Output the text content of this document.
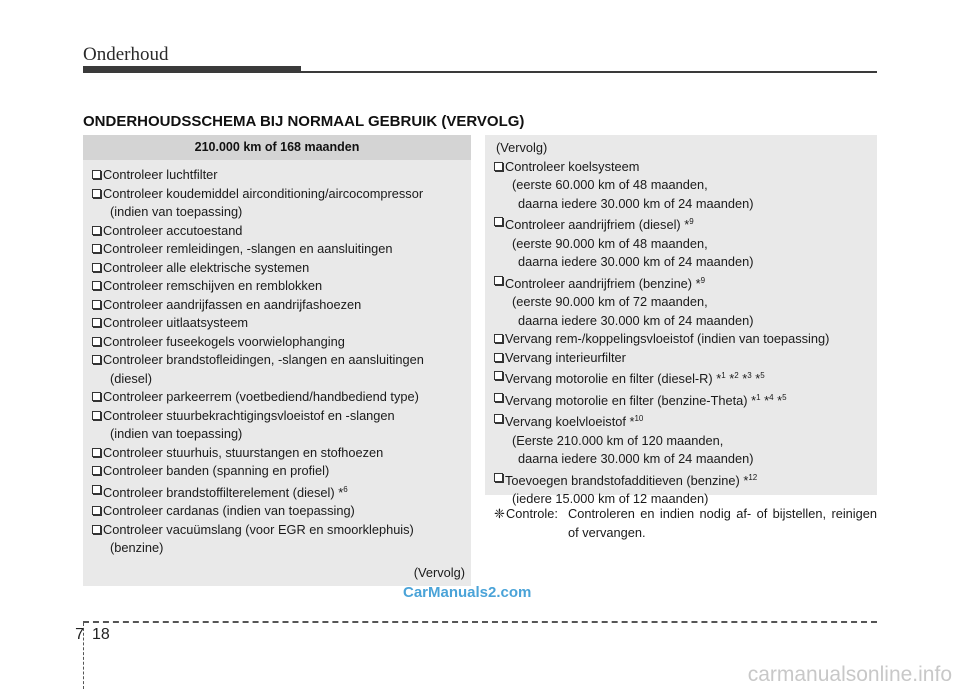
Onderhoud
ONDERHOUDSSCHEMA BIJ NORMAAL GEBRUIK (VERVOLG)
210.000 km of 168 maanden
Controleer luchtfilter
Controleer koudemiddel airconditioning/aircocompressor
(indien van toepassing)
Controleer accutoestand
Controleer remleidingen, -slangen en aansluitingen
Controleer alle elektrische systemen
Controleer remschijven en remblokken
Controleer aandrijfassen en aandrijfashoezen
Controleer uitlaatsysteem
Controleer fuseekogels voorwielophanging
Controleer brandstofleidingen, -slangen en aansluitingen
(diesel)
Controleer parkeerrem (voetbediend/handbediend type)
Controleer stuurbekrachtigingsvloeistof en -slangen
(indien van toepassing)
Controleer stuurhuis, stuurstangen en stofhoezen
Controleer banden (spanning en profiel)
Controleer brandstoffilterelement (diesel) *$^6$
Controleer cardanas (indien van toepassing)
Controleer vacuümslang (voor EGR en smoorklephuis)
(benzine)
(Vervolg)
(Vervolg)
Controleer koelsysteem
(eerste 60.000 km of 48 maanden,
daarna iedere 30.000 km of 24 maanden)
Controleer aandrijfriem (diesel) *$^9$
(eerste 90.000 km of 48 maanden,
daarna iedere 30.000 km of 24 maanden)
Controleer aandrijfriem (benzine) *$^9$
(eerste 90.000 km of 72 maanden,
daarna iedere 30.000 km of 24 maanden)
Vervang rem-/koppelingsvloeistof (indien van toepassing)
Vervang interieurfilter
Vervang motorolie en filter (diesel-R) *$^1$ *$^2$ *$^3$ *$^5$
Vervang motorolie en filter (benzine-Theta) *$^1$ *$^4$ *$^5$
Vervang koelvloeistof *$^{10}$
(Eerste 210.000 km of 120 maanden,
daarna iedere 30.000 km of 24 maanden)
Toevoegen brandstofadditieven (benzine) *$^{12}$
(iedere 15.000 km of 12 maanden)
❈ Controle: Controleren en indien nodig af- of bijstellen, reinigen of vervangen.
CarManuals2.com
7 18
carmanualsonline.info
